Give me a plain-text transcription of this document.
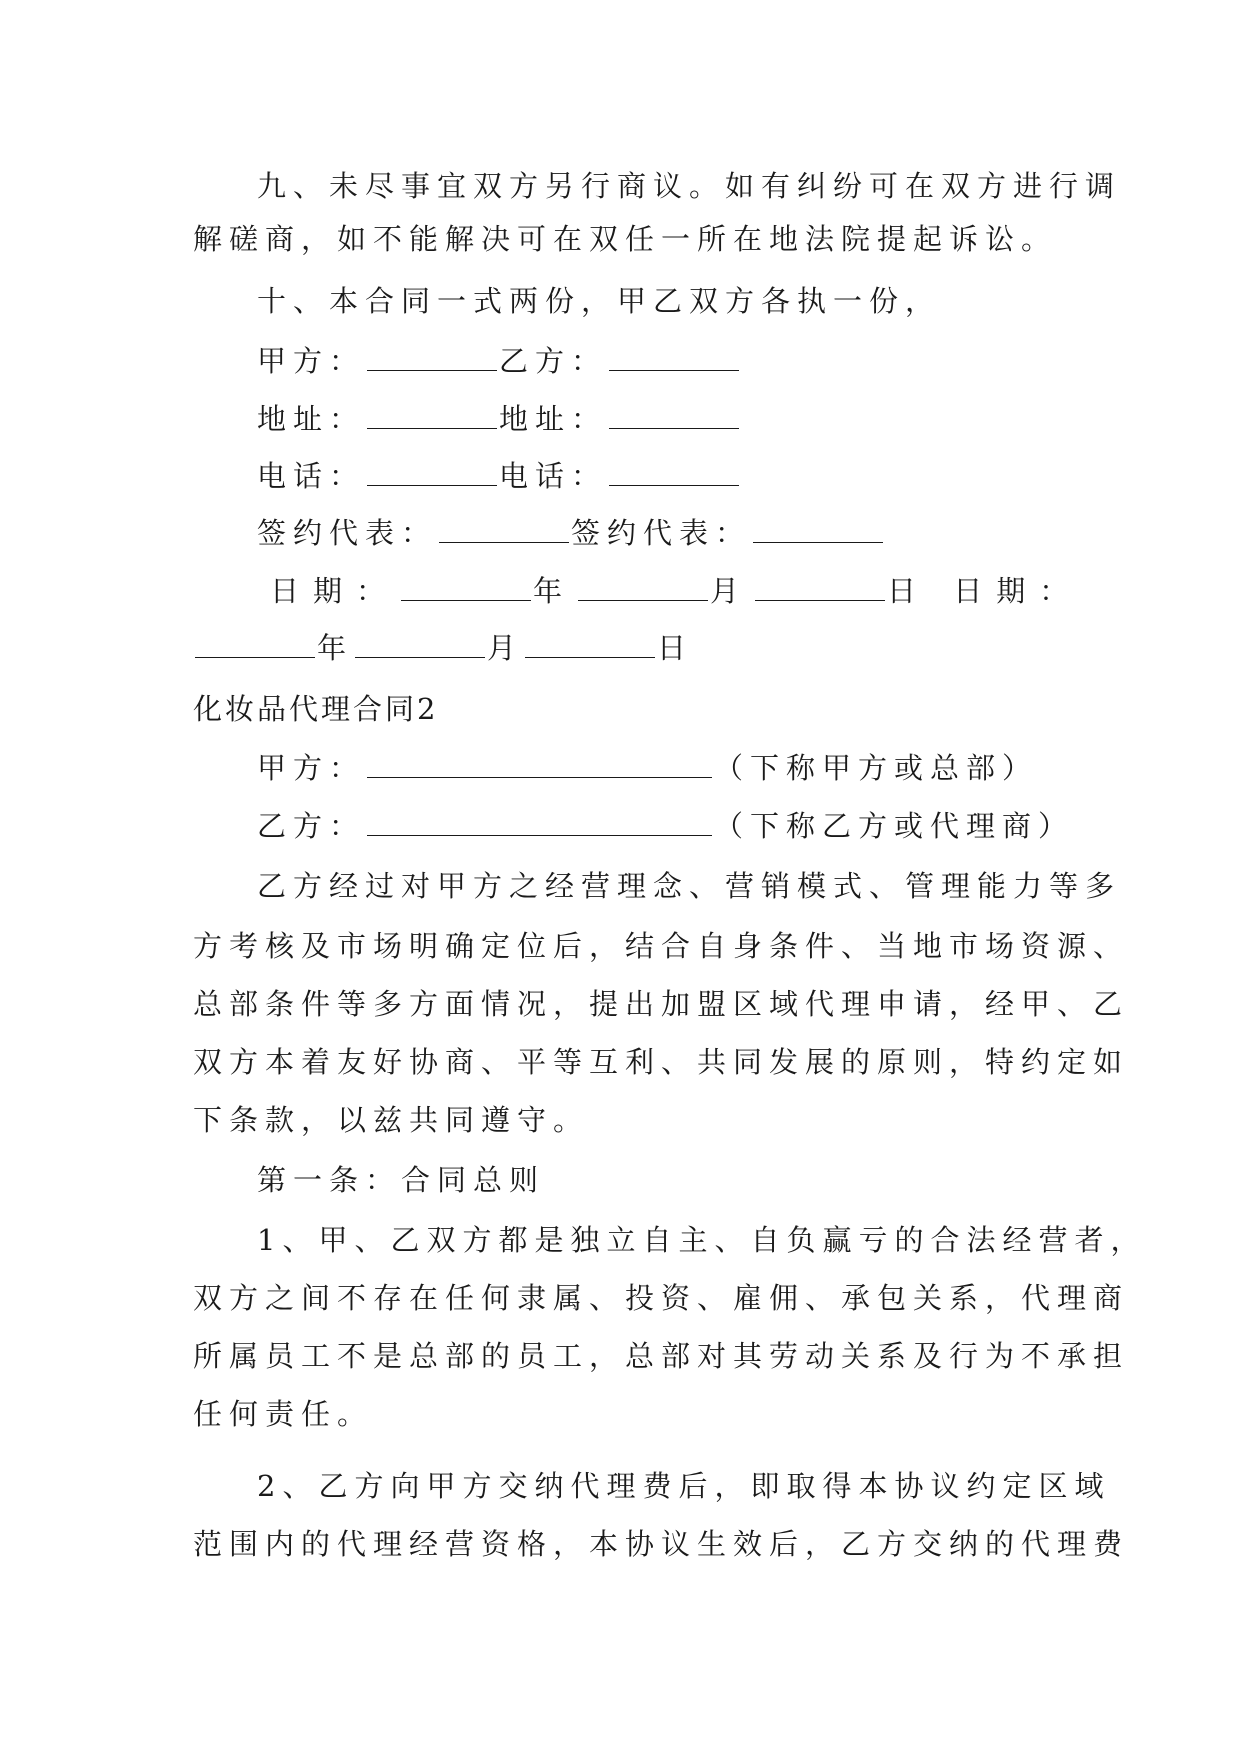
九、未尽事宜双方另行商议。如有纠纷可在双方进行调
解磋商，如不能解决可在双任一所在地法院提起诉讼。
十、本合同一式两份，甲乙双方各执一份，
甲方：	乙方：
地址：	地址：
电话：	电话：
签约代表：	签约代表：
日期：	年	月	日 日期：
年	月	日
化妆品代理合同2
甲方：	（下称甲方或总部）
乙方：	（下称乙方或代理商）
乙方经过对甲方之经营理念、营销模式、管理能力等多
方考核及市场明确定位后，结合自身条件、当地市场资源、
总部条件等多方面情况，提出加盟区域代理申请，经甲、乙
双方本着友好协商、平等互利、共同发展的原则，特约定如
下条款，以兹共同遵守。
第一条：合同总则
1、甲、乙双方都是独立自主、自负赢亏的合法经营者，
双方之间不存在任何隶属、投资、雇佣、承包关系，代理商
所属员工不是总部的员工，总部对其劳动关系及行为不承担
任何责任。
2、乙方向甲方交纳代理费后，即取得本协议约定区域
范围内的代理经营资格，本协议生效后，乙方交纳的代理费
